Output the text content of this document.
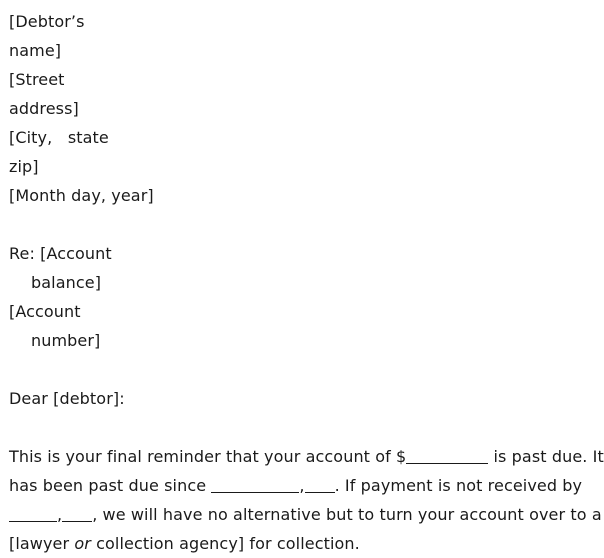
[Debtor’s
name]
[Street
address]
[City,   state
zip]
[Month day, year]
Re: [Account
balance]
[Account
number]
Dear [debtor]:
This is your final reminder that your account of $	is past due. It
has been past due since	, . If payment is not received by
, , we will have no alternative but to turn your account over to a
[lawyer or collection agency] for collection.
